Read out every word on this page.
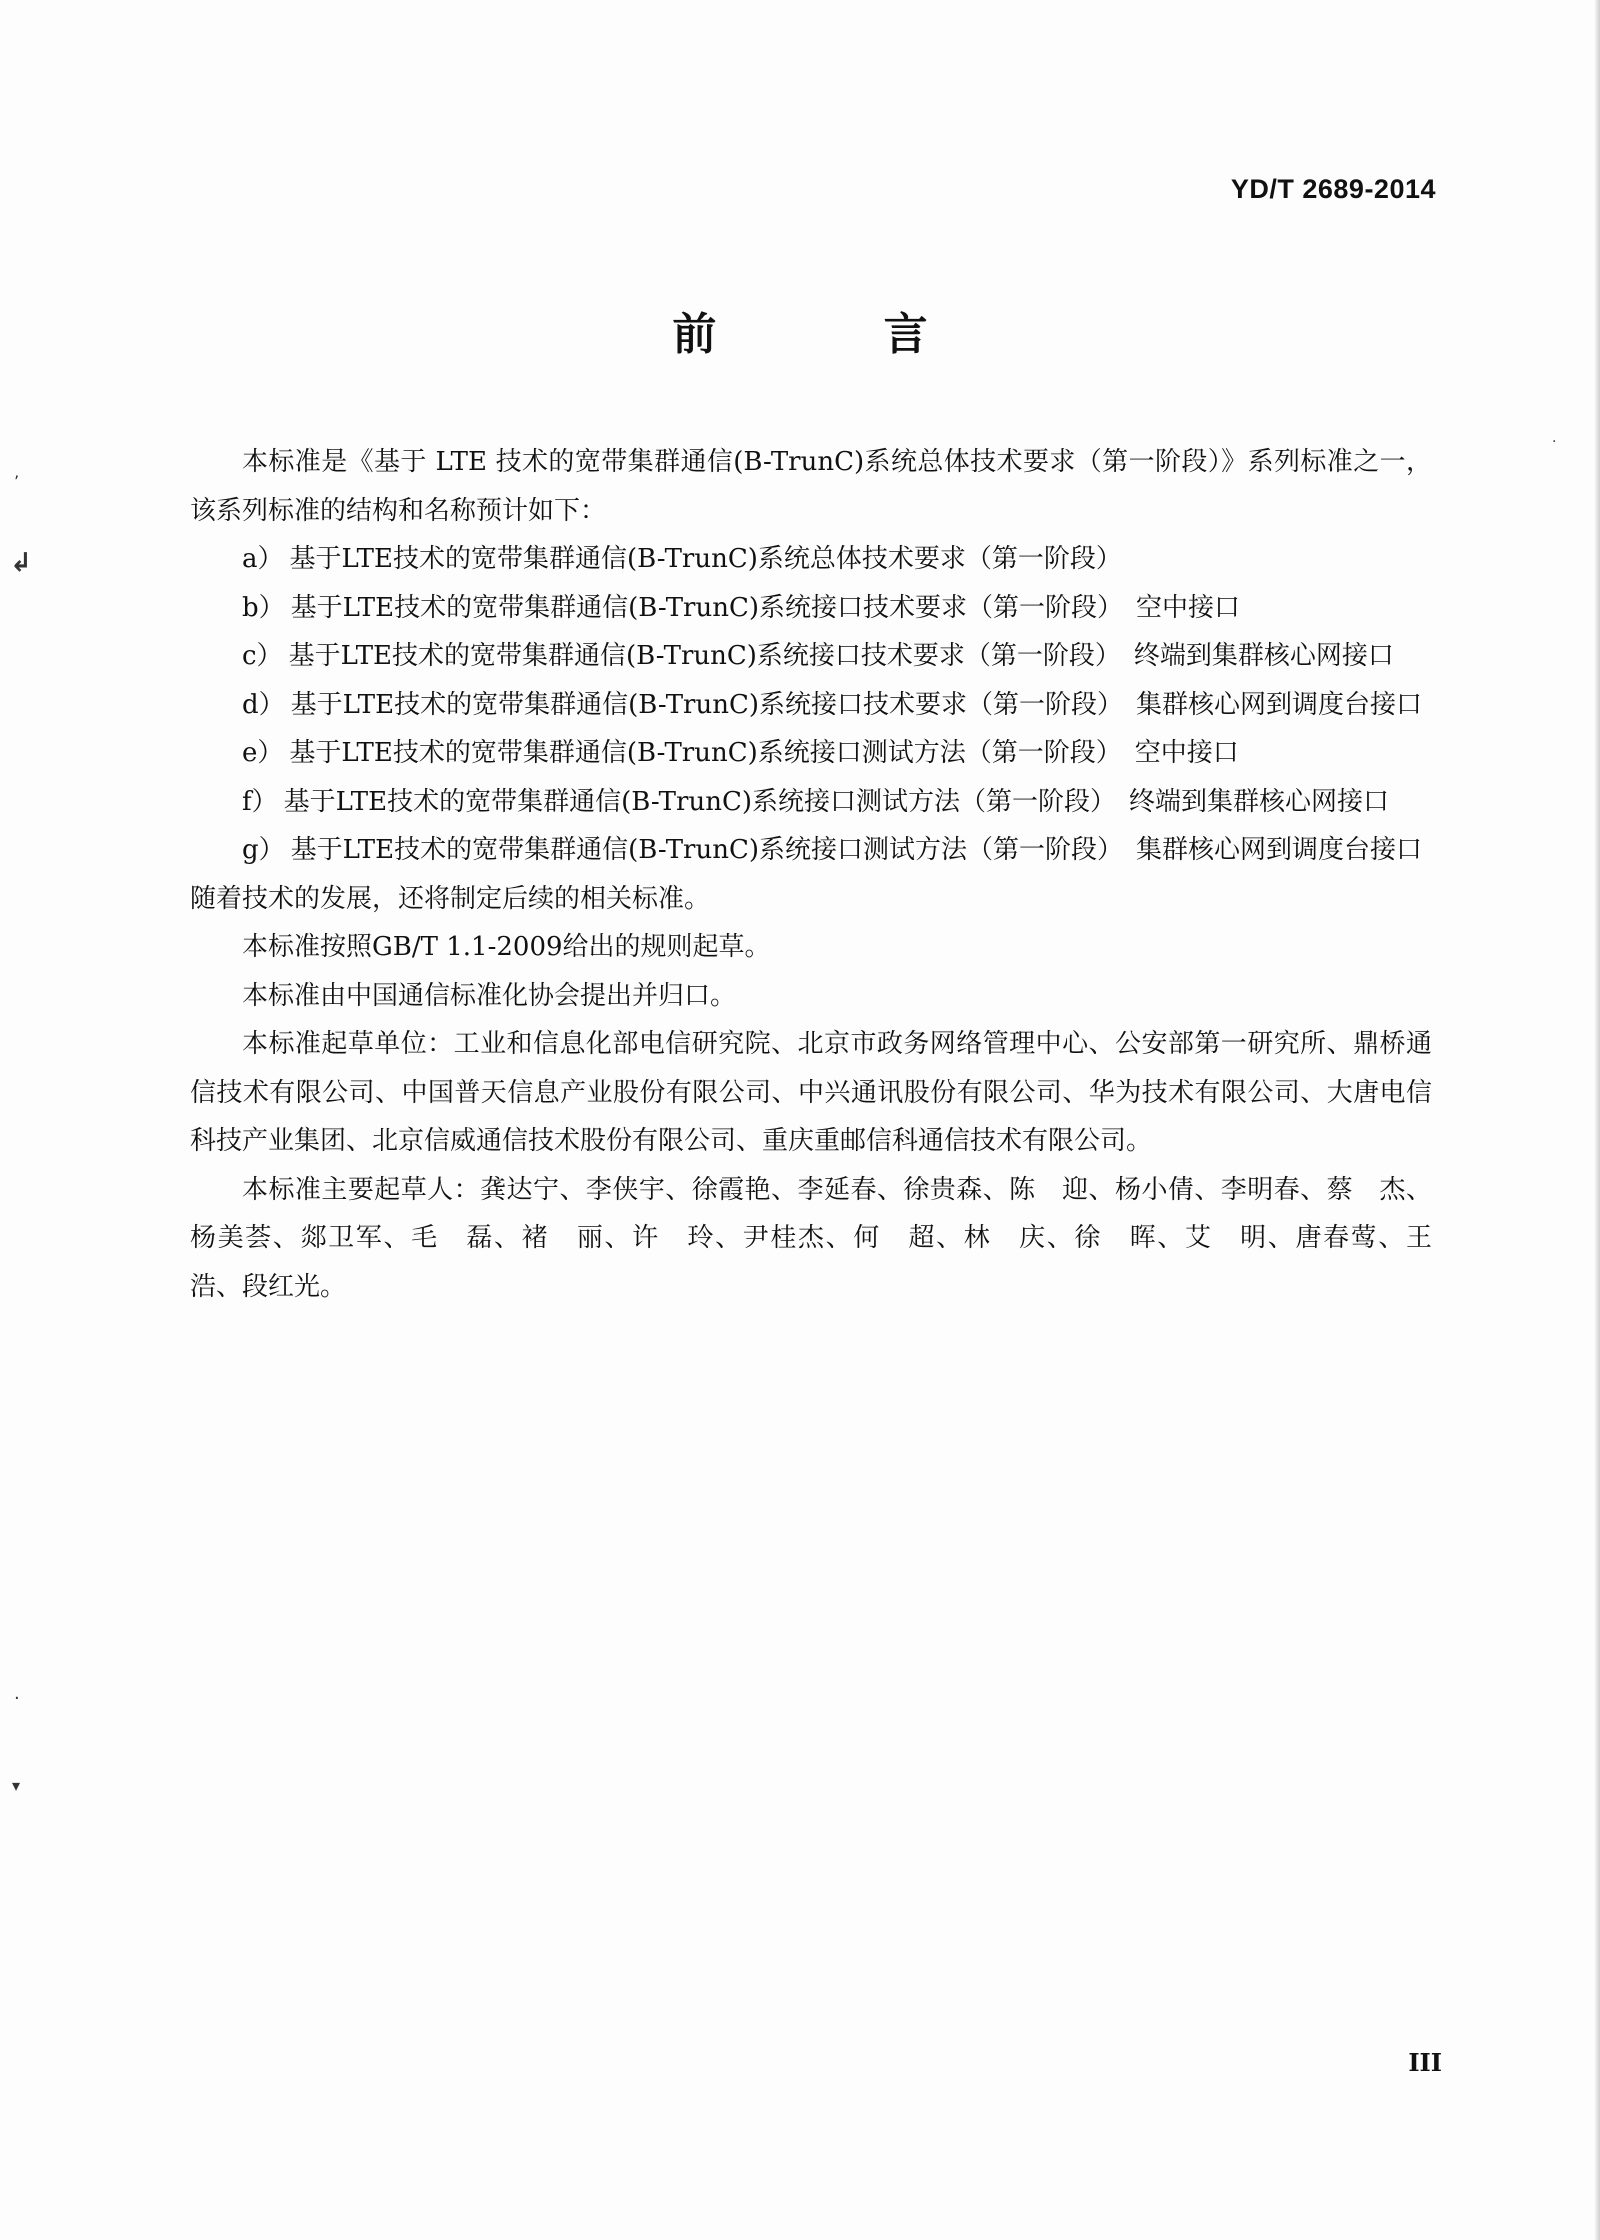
YD/T 2689-2014
前 言

本标准是《基于 LTE 技术的宽带集群通信(B-TrunC)系统总体技术要求（第一阶段）》系列标准之一，该系列标准的结构和名称预计如下：

a） 基于LTE技术的宽带集群通信(B-TrunC)系统总体技术要求（第一阶段）

b） 基于LTE技术的宽带集群通信(B-TrunC)系统接口技术要求（第一阶段）　空中接口

c） 基于LTE技术的宽带集群通信(B-TrunC)系统接口技术要求（第一阶段）　终端到集群核心网接口

d） 基于LTE技术的宽带集群通信(B-TrunC)系统接口技术要求（第一阶段）　集群核心网到调度台接口

e） 基于LTE技术的宽带集群通信(B-TrunC)系统接口测试方法（第一阶段）　空中接口

f） 基于LTE技术的宽带集群通信(B-TrunC)系统接口测试方法（第一阶段）　终端到集群核心网接口

g） 基于LTE技术的宽带集群通信(B-TrunC)系统接口测试方法（第一阶段）　集群核心网到调度台接口

随着技术的发展，还将制定后续的相关标准。

本标准按照GB/T 1.1-2009给出的规则起草。

本标准由中国通信标准化协会提出并归口。

本标准起草单位：工业和信息化部电信研究院、北京市政务网络管理中心、公安部第一研究所、鼎桥通信技术有限公司、中国普天信息产业股份有限公司、中兴通讯股份有限公司、华为技术有限公司、大唐电信科技产业集团、北京信威通信技术股份有限公司、重庆重邮信科通信技术有限公司。

本标准主要起草人：龚达宁、李侠宇、徐霞艳、李延春、徐贵森、陈　迎、杨小倩、李明春、蔡　杰、杨美荟、郯卫军、毛　磊、褚　丽、许　玲、尹桂杰、何　超、林　庆、徐　晖、艾　明、唐春莺、王　浩、段红光。

III
’
↲
·
·
▾
